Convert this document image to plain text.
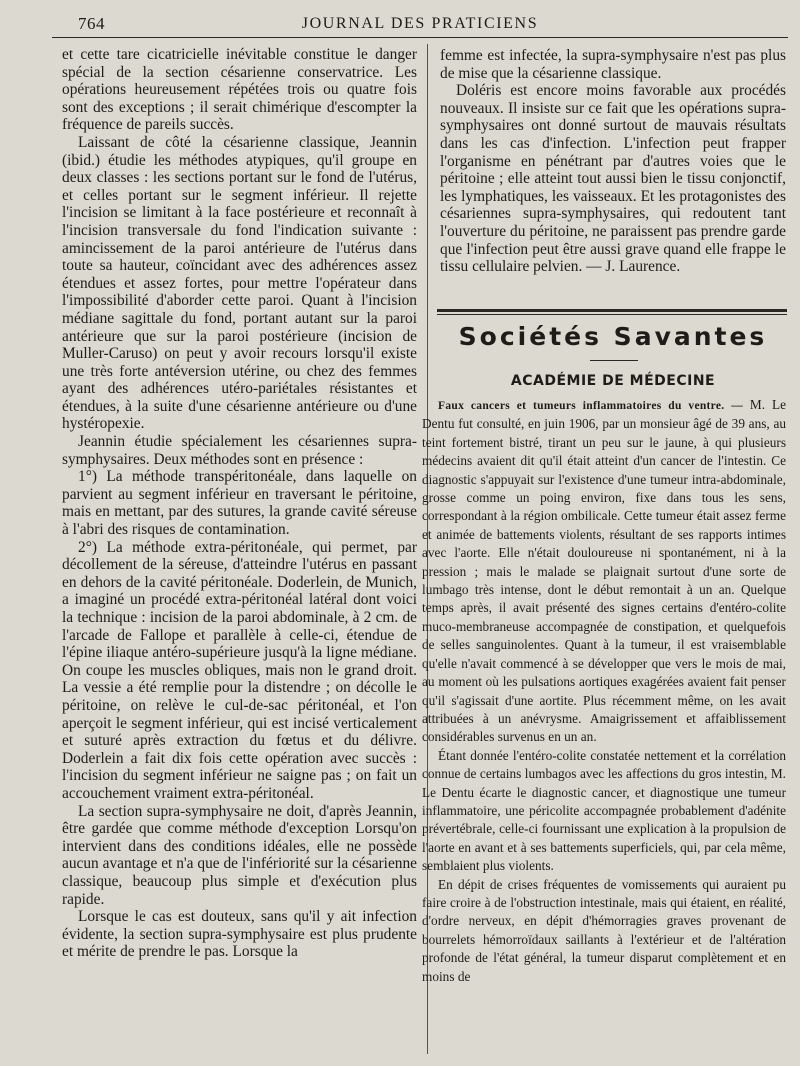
764	JOURNAL DES PRATICIENS

et cette tare cicatricielle inévitable constitue le danger spécial de la section césarienne conservatrice. Les opérations heureusement répétées trois ou quatre fois sont des exceptions ; il serait chimérique d'escompter la fréquence de pareils succès.

Laissant de côté la césarienne classique, Jeannin (ibid.) étudie les méthodes atypiques, qu'il groupe en deux classes : les sections portant sur le fond de l'utérus, et celles portant sur le segment inférieur. Il rejette l'incision se limitant à la face postérieure et reconnaît à l'incision transversale du fond l'indication suivante : amincissement de la paroi antérieure de l'utérus dans toute sa hauteur, coïncidant avec des adhérences assez étendues et assez fortes, pour mettre l'opérateur dans l'impossibilité d'aborder cette paroi. Quant à l'incision médiane sagittale du fond, portant autant sur la paroi antérieure que sur la paroi postérieure (incision de Muller-Caruso) on peut y avoir recours lorsqu'il existe une très forte antéversion utérine, ou chez des femmes ayant des adhérences utéro-pariétales résistantes et étendues, à la suite d'une césarienne antérieure ou d'une hystéropexie.

Jeannin étudie spécialement les césariennes supra-symphysaires. Deux méthodes sont en présence :

1°) La méthode transpéritonéale, dans laquelle on parvient au segment inférieur en traversant le péritoine, mais en mettant, par des sutures, la grande cavité séreuse à l'abri des risques de contamination.

2°) La méthode extra-péritonéale, qui permet, par décollement de la séreuse, d'atteindre l'utérus en passant en dehors de la cavité péritonéale. Doderlein, de Munich, a imaginé un procédé extra-péritonéal latéral dont voici la technique : incision de la paroi abdominale, à 2 cm. de l'arcade de Fallope et parallèle à celle-ci, étendue de l'épine iliaque antéro-supérieure jusqu'à la ligne médiane. On coupe les muscles obliques, mais non le grand droit. La vessie a été remplie pour la distendre ; on décolle le péritoine, on relève le cul-de-sac péritonéal, et l'on aperçoit le segment inférieur, qui est incisé verticalement et suturé après extraction du fœtus et du délivre. Doderlein a fait dix fois cette opération avec succès : l'incision du segment inférieur ne saigne pas ; on fait un accouchement vraiment extra-péritonéal.

La section supra-symphysaire ne doit, d'après Jeannin, être gardée que comme méthode d'exception Lorsqu'on intervient dans des conditions idéales, elle ne possède aucun avantage et n'a que de l'infériorité sur la césarienne classique, beaucoup plus simple et d'exécution plus rapide.

Lorsque le cas est douteux, sans qu'il y ait infection évidente, la section supra-symphysaire est plus prudente et mérite de prendre le pas. Lorsque la

femme est infectée, la supra-symphysaire n'est pas plus de mise que la césarienne classique.

Doléris est encore moins favorable aux procédés nouveaux. Il insiste sur ce fait que les opérations supra-symphysaires ont donné surtout de mauvais résultats dans les cas d'infection. L'infection peut frapper l'organisme en pénétrant par d'autres voies que le péritoine ; elle atteint tout aussi bien le tissu conjonctif, les lymphatiques, les vaisseaux. Et les protagonistes des césariennes supra-symphysaires, qui redoutent tant l'ouverture du péritoine, ne paraissent pas prendre garde que l'infection peut être aussi grave quand elle frappe le tissu cellulaire pelvien. — J. Laurence.

Sociétés Savantes
ACADÉMIE DE MÉDECINE

Faux cancers et tumeurs inflammatoires du ventre. — M. Le Dentu fut consulté, en juin 1906, par un monsieur âgé de 39 ans, au teint fortement bistré, tirant un peu sur le jaune, à qui plusieurs médecins avaient dit qu'il était atteint d'un cancer de l'intestin. Ce diagnostic s'appuyait sur l'existence d'une tumeur intra-abdominale, grosse comme un poing environ, fixe dans tous les sens, correspondant à la région ombilicale. Cette tumeur était assez ferme et animée de battements violents, résultant de ses rapports intimes avec l'aorte. Elle n'était douloureuse ni spontanément, ni à la pression ; mais le malade se plaignait surtout d'une sorte de lumbago très intense, dont le début remontait à un an. Quelque temps après, il avait présenté des signes certains d'entéro-colite muco-membraneuse accompagnée de constipation, et quelquefois de selles sanguinolentes. Quant à la tumeur, il est vraisemblable qu'elle n'avait commencé à se développer que vers le mois de mai, au moment où les pulsations aortiques exagérées avaient fait penser qu'il s'agissait d'une aortite. Plus récemment même, on les avait attribuées à un anévrysme. Amaigrissement et affaiblissement considérables survenus en un an.

Étant donnée l'entéro-colite constatée nettement et la corrélation connue de certains lumbagos avec les affections du gros intestin, M. Le Dentu écarte le diagnostic cancer, et diagnostique une tumeur inflammatoire, une péricolite accompagnée probablement d'adénite prévertébrale, celle-ci fournissant une explication à la propulsion de l'aorte en avant et à ses battements superficiels, qui, par cela même, semblaient plus violents.

En dépit de crises fréquentes de vomissements qui auraient pu faire croire à de l'obstruction intestinale, mais qui étaient, en réalité, d'ordre nerveux, en dépit d'hémorragies graves provenant de bourrelets hémorroïdaux saillants à l'extérieur et de l'altération profonde de l'état général, la tumeur disparut complètement et en moins de
